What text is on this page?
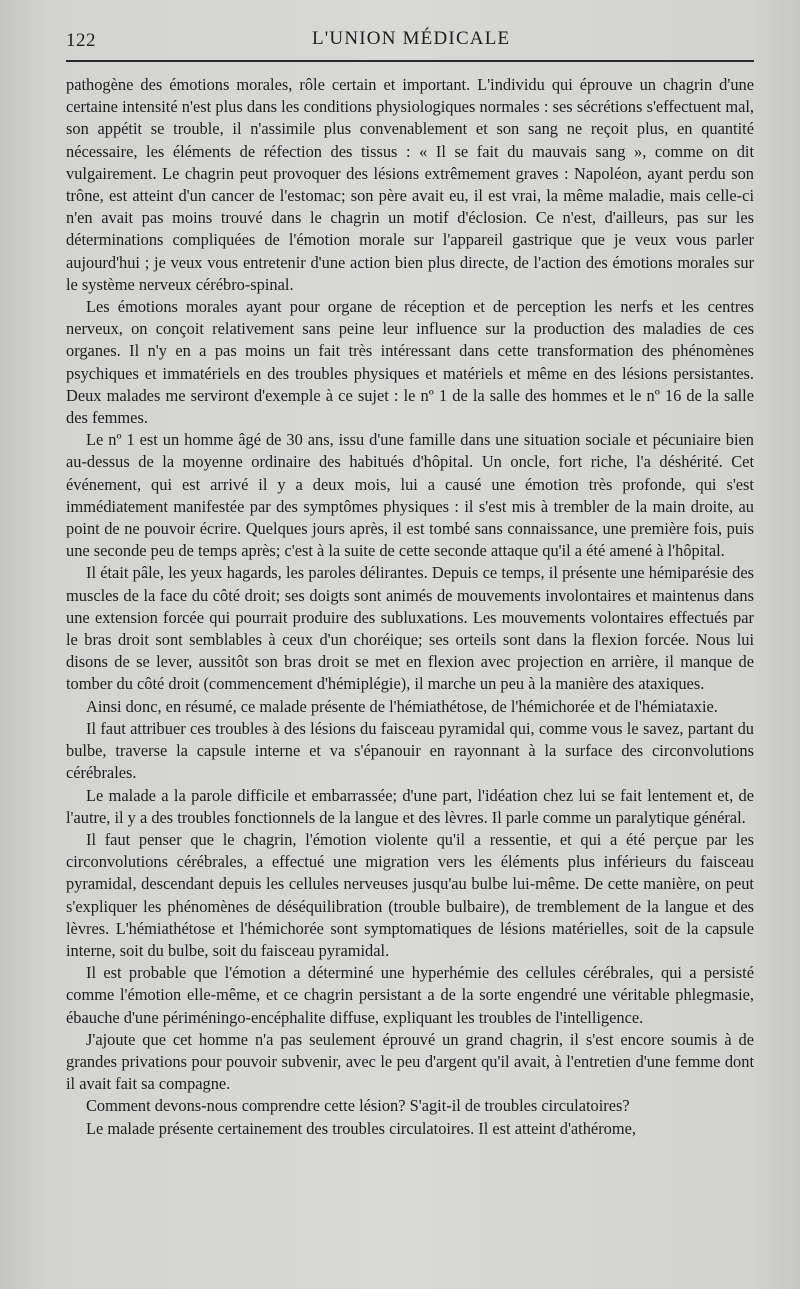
122	L'UNION MÉDICALE

pathogène des émotions morales, rôle certain et important. L'individu qui éprouve un chagrin d'une certaine intensité n'est plus dans les conditions physiologiques normales : ses sécrétions s'effectuent mal, son appétit se trouble, il n'assimile plus convenablement et son sang ne reçoit plus, en quantité nécessaire, les éléments de réfection des tissus : « Il se fait du mauvais sang », comme on dit vulgairement. Le chagrin peut provoquer des lésions extrêmement graves : Napoléon, ayant perdu son trône, est atteint d'un cancer de l'estomac; son père avait eu, il est vrai, la même maladie, mais celle-ci n'en avait pas moins trouvé dans le chagrin un motif d'éclosion. Ce n'est, d'ailleurs, pas sur les déterminations compliquées de l'émotion morale sur l'appareil gastrique que je veux vous parler aujourd'hui ; je veux vous entretenir d'une action bien plus directe, de l'action des émotions morales sur le système nerveux cérébro-spinal.

Les émotions morales ayant pour organe de réception et de perception les nerfs et les centres nerveux, on conçoit relativement sans peine leur influence sur la production des maladies de ces organes. Il n'y en a pas moins un fait très intéressant dans cette transformation des phénomènes psychiques et immatériels en des troubles physiques et matériels et même en des lésions persistantes. Deux malades me serviront d'exemple à ce sujet : le nº 1 de la salle des hommes et le nº 16 de la salle des femmes.

Le nº 1 est un homme âgé de 30 ans, issu d'une famille dans une situation sociale et pécuniaire bien au-dessus de la moyenne ordinaire des habitués d'hôpital. Un oncle, fort riche, l'a déshérité. Cet événement, qui est arrivé il y a deux mois, lui a causé une émotion très profonde, qui s'est immédiatement manifestée par des symptômes physiques : il s'est mis à trembler de la main droite, au point de ne pouvoir écrire. Quelques jours après, il est tombé sans connaissance, une première fois, puis une seconde peu de temps après; c'est à la suite de cette seconde attaque qu'il a été amené à l'hôpital.

Il était pâle, les yeux hagards, les paroles délirantes. Depuis ce temps, il présente une hémiparésie des muscles de la face du côté droit; ses doigts sont animés de mouvements involontaires et maintenus dans une extension forcée qui pourrait produire des subluxations. Les mouvements volontaires effectués par le bras droit sont semblables à ceux d'un choréique; ses orteils sont dans la flexion forcée. Nous lui disons de se lever, aussitôt son bras droit se met en flexion avec projection en arrière, il manque de tomber du côté droit (commencement d'hémiplégie), il marche un peu à la manière des ataxiques.

Ainsi donc, en résumé, ce malade présente de l'hémiathétose, de l'hémichorée et de l'hémiataxie.

Il faut attribuer ces troubles à des lésions du faisceau pyramidal qui, comme vous le savez, partant du bulbe, traverse la capsule interne et va s'épanouir en rayonnant à la surface des circonvolutions cérébrales.

Le malade a la parole difficile et embarrassée; d'une part, l'idéation chez lui se fait lentement et, de l'autre, il y a des troubles fonctionnels de la langue et des lèvres. Il parle comme un paralytique général.

Il faut penser que le chagrin, l'émotion violente qu'il a ressentie, et qui a été perçue par les circonvolutions cérébrales, a effectué une migration vers les éléments plus inférieurs du faisceau pyramidal, descendant depuis les cellules nerveuses jusqu'au bulbe lui-même. De cette manière, on peut s'expliquer les phénomènes de déséquilibration (trouble bulbaire), de tremblement de la langue et des lèvres. L'hémiathétose et l'hémichorée sont symptomatiques de lésions matérielles, soit de la capsule interne, soit du bulbe, soit du faisceau pyramidal.

Il est probable que l'émotion a déterminé une hyperhémie des cellules cérébrales, qui a persisté comme l'émotion elle-même, et ce chagrin persistant a de la sorte engendré une véritable phlegmasie, ébauche d'une périméningo-encéphalite diffuse, expliquant les troubles de l'intelligence.

J'ajoute que cet homme n'a pas seulement éprouvé un grand chagrin, il s'est encore soumis à de grandes privations pour pouvoir subvenir, avec le peu d'argent qu'il avait, à l'entretien d'une femme dont il avait fait sa compagne.

Comment devons-nous comprendre cette lésion? S'agit-il de troubles circulatoires?

Le malade présente certainement des troubles circulatoires. Il est atteint d'athérome,
